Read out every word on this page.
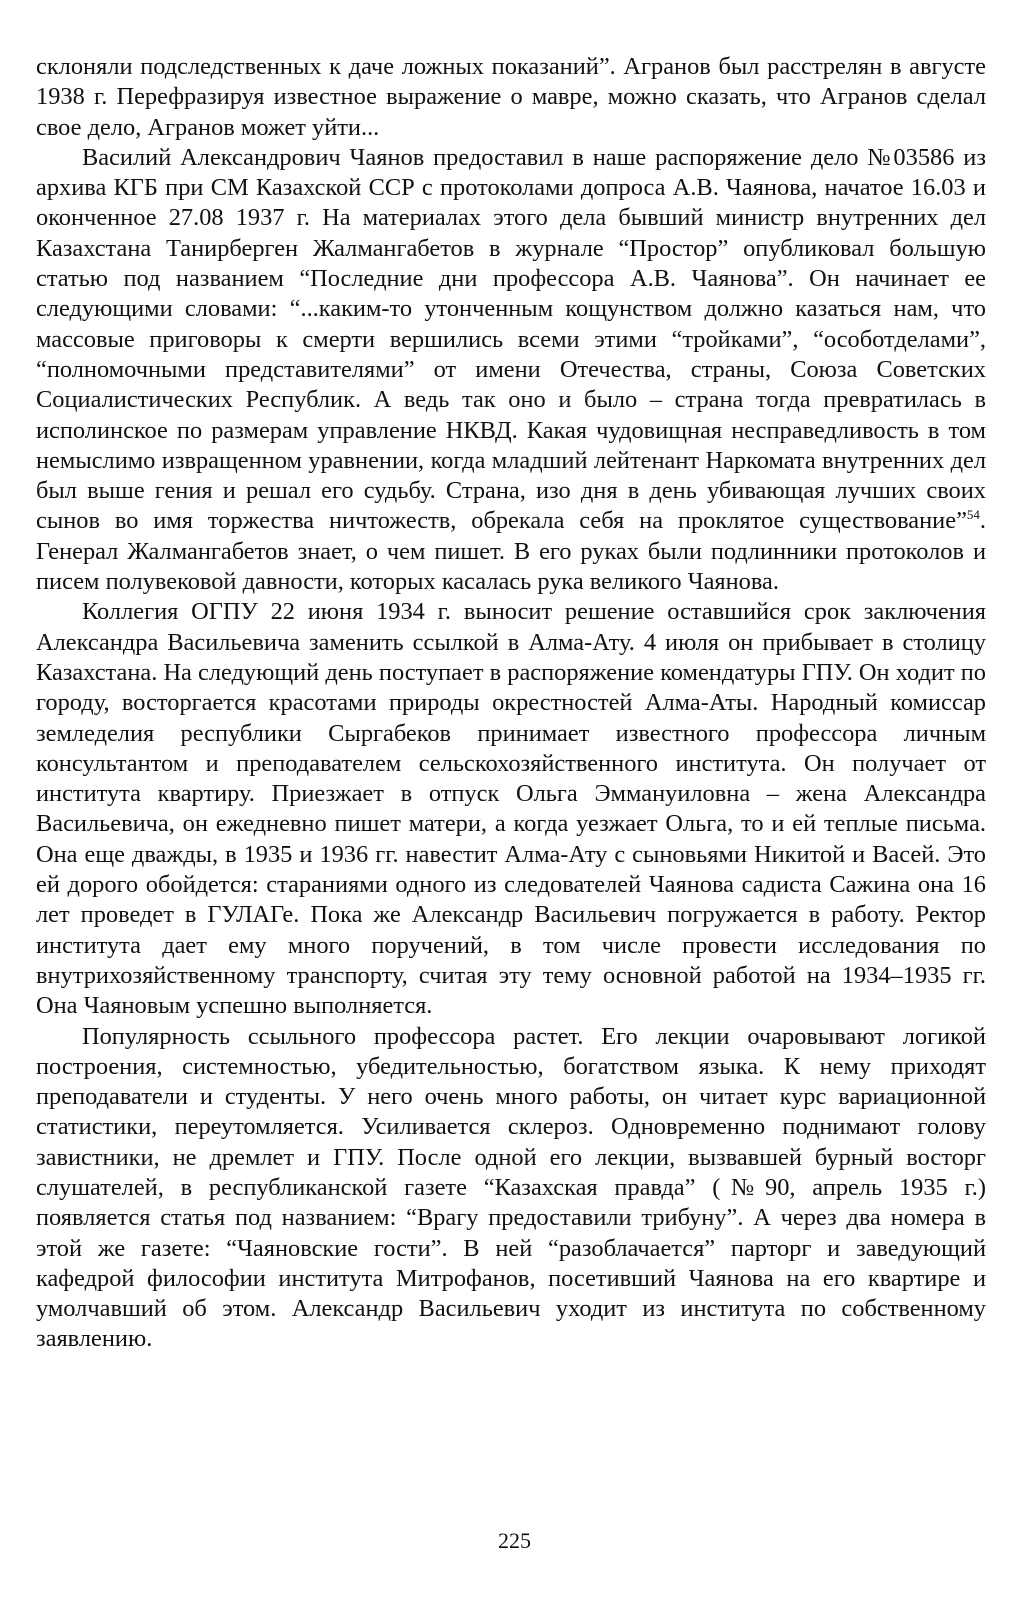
склоняли подследственных к даче ложных показаний”. Агранов был расстрелян в августе 1938 г. Перефразируя известное выражение о мавре, можно сказать, что Агранов сделал свое дело, Агранов может уйти...

Василий Александрович Чаянов предоставил в наше распоряжение дело №03586 из архива КГБ при СМ Казахской ССР с протоколами допроса А.В. Чаянова, начатое 16.03 и оконченное 27.08 1937 г. На материалах этого дела бывший министр внутренних дел Казахстана Танирберген Жалмангабетов в журнале “Простор” опубликовал большую статью под названием “Последние дни профессора А.В. Чаянова”. Он начинает ее следующими словами: “...каким-то утонченным кощунством должно казаться нам, что массовые приговоры к смерти вершились всеми этими “тройками”, “особотделами”, “полномочными представителями” от имени Отечества, страны, Союза Советских Социалистических Республик. А ведь так оно и было – страна тогда превратилась в исполинское по размерам управление НКВД. Какая чудовищная несправедливость в том немыслимо извращенном уравнении, когда младший лейтенант Наркомата внутренних дел был выше гения и решал его судьбу. Страна, изо дня в день убивающая лучших своих сынов во имя торжества ничтожеств, обрекала себя на проклятое существование”$^{54}$. Генерал Жалмангабетов знает, о чем пишет. В его руках были подлинники протоколов и писем полувековой давности, которых касалась рука великого Чаянова.

Коллегия ОГПУ 22 июня 1934 г. выносит решение оставшийся срок заключения Александра Васильевича заменить ссылкой в Алма-Ату. 4 июля он прибывает в столицу Казахстана. На следующий день поступает в распоряжение комендатуры ГПУ. Он ходит по городу, восторгается красотами природы окрестностей Алма-Аты. Народный комиссар земледелия республики Сыргабеков принимает известного профессора личным консультантом и преподавателем сельскохозяйственного института. Он получает от института квартиру. Приезжает в отпуск Ольга Эммануиловна – жена Александра Васильевича, он ежедневно пишет матери, а когда уезжает Ольга, то и ей теплые письма. Она еще дважды, в 1935 и 1936 гг. навестит Алма-Ату с сыновьями Никитой и Васей. Это ей дорого обойдется: стараниями одного из следователей Чаянова садиста Сажина она 16 лет проведет в ГУЛАГе. Пока же Александр Васильевич погружается в работу. Ректор института дает ему много поручений, в том числе провести исследования по внутрихозяйственному транспорту, считая эту тему основной работой на 1934–1935 гг. Она Чаяновым успешно выполняется.

Популярность ссыльного профессора растет. Его лекции очаровывают логикой построения, системностью, убедительностью, богатством языка. К нему приходят преподаватели и студенты. У него очень много работы, он читает курс вариационной статистики, переутомляется. Усиливается склероз. Одновременно поднимают голову завистники, не дремлет и ГПУ. После одной его лекции, вызвавшей бурный восторг слушателей, в республиканской газете “Казахская правда” (№90, апрель 1935 г.) появляется статья под названием: “Врагу предоставили трибуну”. А через два номера в этой же газете: “Чаяновские гости”. В ней “разоблачается” парторг и заведующий кафедрой философии института Митрофанов, посетивший Чаянова на его квартире и умолчавший об этом. Александр Васильевич уходит из института по собственному заявлению.

225
